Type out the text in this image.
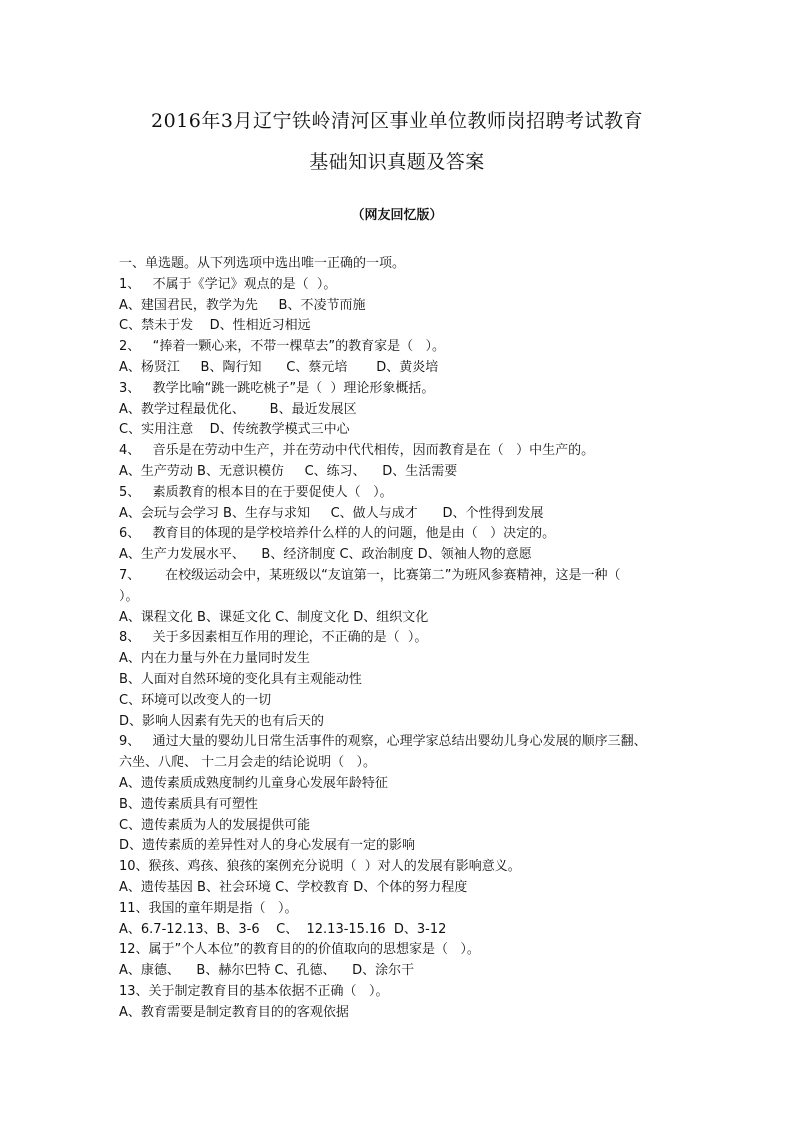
2016年3月辽宁铁岭清河区事业单位教师岗招聘考试教育
基础知识真题及答案
（网友回忆版）
一、单选题。从下列选项中选出唯一正确的一项。
1、   不属于《学记》观点的是（  ）。
A、建国君民，教学为先     B、不凌节而施
C、禁未于发    D、性相近习相远
2、   “捧着一颗心来，不带一棵草去”的教育家是（   ）。
A、杨贤江     B、陶行知      C、蔡元培       D、黄炎培
3、   教学比喻“跳一跳吃桃子”是（  ）理论形象概括。
A、教学过程最优化、      B、最近发展区
C、实用注意    D、传统教学模式三中心
4、   音乐是在劳动中生产，并在劳动中代代相传，因而教育是在（   ）中生产的。
A、生产劳动 B、无意识模仿     C、练习、    D、生活需要
5、   素质教育的根本目的在于要促使人（   ）。
A、会玩与会学习 B、生存与求知     C、做人与成才      D、个性得到发展
6、   教育目的体现的是学校培养什么样的人的问题，他是由（   ）决定的。
A、生产力发展水平、    B、经济制度 C、政治制度 D、领袖人物的意愿
7、      在校级运动会中，某班级以“友谊第一，比赛第二”为班风参赛精神，这是一种（
）。
A、课程文化 B、课延文化 C、制度文化 D、组织文化
8、   关于多因素相互作用的理论，不正确的是（  ）。
A、内在力量与外在力量同时发生
B、人面对自然环境的变化具有主观能动性
C、环境可以改变人的一切
D、影响人因素有先天的也有后天的
9、   通过大量的婴幼儿日常生活事件的观察，心理学家总结出婴幼儿身心发展的顺序三翻、
六坐、八爬、 十二月会走的结论说明（   ）。
A、遗传素质成熟度制约儿童身心发展年龄特征
B、遗传素质具有可塑性
C、遗传素质为人的发展提供可能
D、遗传素质的差异性对人的身心发展有一定的影响
10、猴孩、鸡孩、狼孩的案例充分说明（  ）对人的发展有影响意义。
A、遗传基因 B、社会环境 C、学校教育 D、个体的努力程度
11、我国的童年期是指（   ）。
A、6.7-12.13、B、3-6    C、  12.13-15.16  D、3-12
12、属于”个人本位”的教育目的的价值取向的思想家是（   ）。
A、康德、    B、赫尔巴特 C、孔德、    D、涂尔干
13、关于制定教育目的基本依据不正确（   ）。
A、教育需要是制定教育目的的客观依据
